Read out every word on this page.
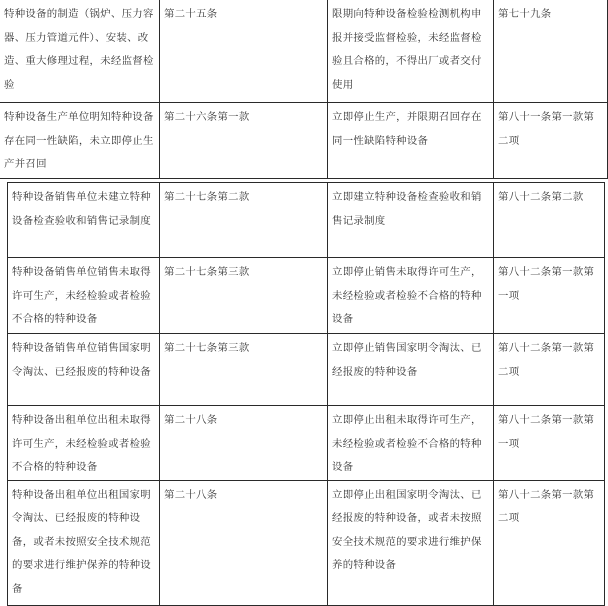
特种设备的制造（锅炉、压力容器、压力管道元件）、安装、改造、重大修理过程，未经监督检验	第二十五条	限期向特种设备检验检测机构申报并接受监督检验，未经监督检验且合格的，不得出厂或者交付使用	第七十九条
特种设备生产单位明知特种设备存在同一性缺陷，未立即停止生产并召回	第二十六条第一款	立即停止生产，并限期召回存在同一性缺陷特种设备	第八十一条第一款第二项
特种设备销售单位未建立特种设备检查验收和销售记录制度	第二十七条第二款	立即建立特种设备检查验收和销售记录制度	第八十二条第二款
特种设备销售单位销售未取得许可生产，未经检验或者检验不合格的特种设备	第二十七条第三款	立即停止销售未取得许可生产，未经检验或者检验不合格的特种设备	第八十二条第一款第一项
特种设备销售单位销售国家明令淘汰、已经报废的特种设备	第二十七条第三款	立即停止销售国家明令淘汰、已经报废的特种设备	第八十二条第一款第二项
特种设备出租单位出租未取得许可生产，未经检验或者检验不合格的特种设备	第二十八条	立即停止出租未取得许可生产，未经检验或者检验不合格的特种设备	第八十二条第一款第一项
特种设备出租单位出租国家明令淘汰、已经报废的特种设备，或者未按照安全技术规范的要求进行维护保养的特种设备	第二十八条	立即停止出租国家明令淘汰、已经报废的特种设备，或者未按照安全技术规范的要求进行维护保养的特种设备	第八十二条第一款第二项
